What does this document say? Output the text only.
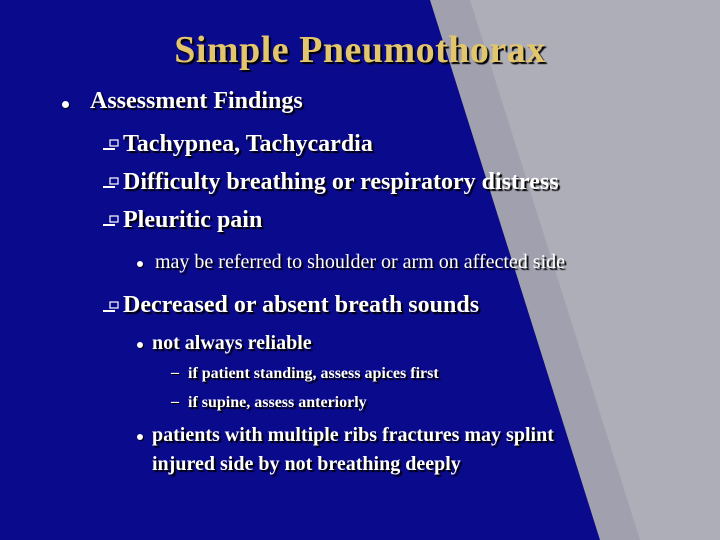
Simple Pneumothorax
Assessment Findings
Tachypnea, Tachycardia
Difficulty breathing or respiratory distress
Pleuritic pain
may be referred to shoulder or arm on affected side
Decreased or absent breath sounds
not always reliable
– if patient standing, assess apices first
– if supine, assess anteriorly
patients with multiple ribs fractures may splint
injured side by not breathing deeply
